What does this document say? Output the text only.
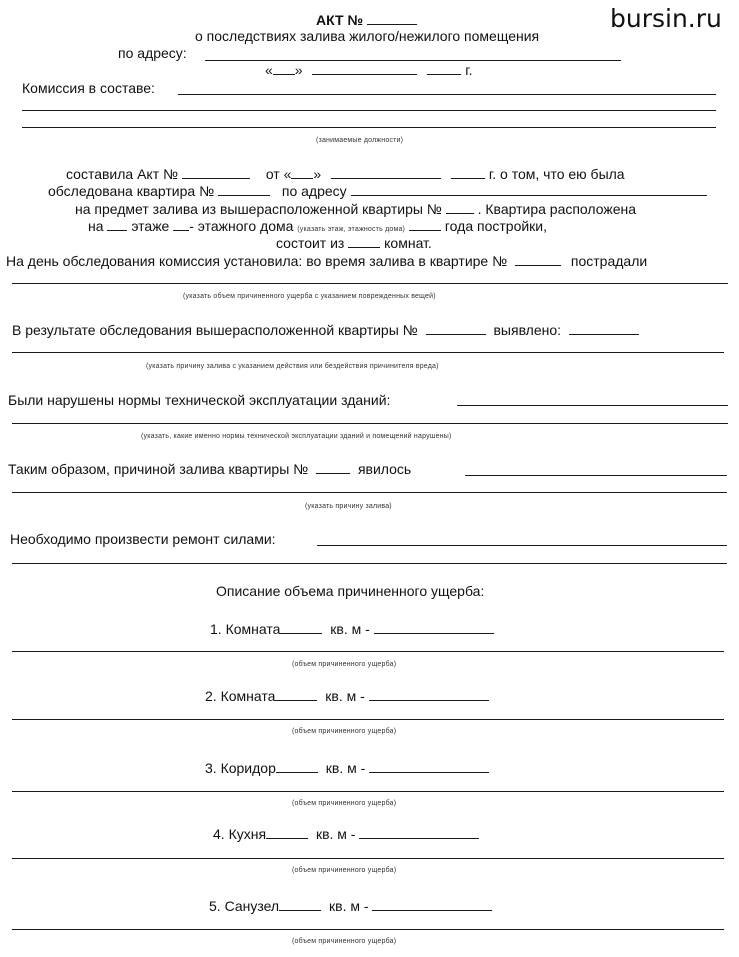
bursin.ru
АКТ №
о последствиях залива жилого/нежилого помещения
по адресу:
« »	г.
Комиссия в составе:
(занимаемые должности)
составила Акт №	от « »	г. о том, что ею была
обследована квартира №	по адресу
на предмет залива из вышерасположенной квартиры №	. Квартира расположена
на этаже - этажного дома (указать этаж, этажность дома)	года постройки,
состоит из	комнат.
На день обследования комиссия установила: во время залива в квартире №	пострадали
(указать объем причиненного ущерба с указанием поврежденных вещей)
В результате обследования вышерасположенной квартиры №	выявлено:
(указать причину залива с указанием действия или бездействия причинителя вреда)
Были нарушены нормы технической эксплуатации зданий:
(указать, какие именно нормы технической эксплуатации зданий и помещений нарушены)
Таким образом, причиной залива квартиры №	явилось
(указать причину залива)
Необходимо произвести ремонт силами:
Описание объема причиненного ущерба:
1. Комната	кв. м -
(объем причиненного ущерба)
2. Комната	кв. м -
(объем причиненного ущерба)
3. Коридор	кв. м -
(объем причиненного ущерба)
4. Кухня	кв. м -
(объем причиненного ущерба)
5. Санузел	кв. м -
(объем причиненного ущерба)
